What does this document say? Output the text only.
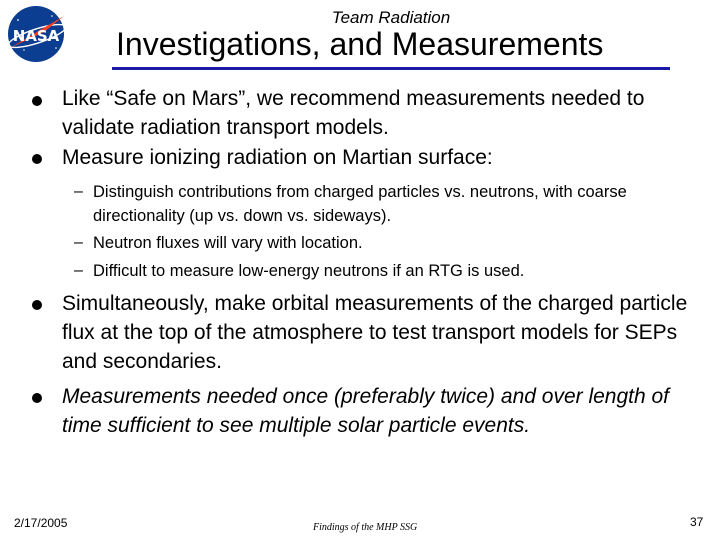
NASA
Team Radiation
Investigations, and Measurements
Like “Safe on Mars”, we recommend measurements needed to validate radiation transport models.
Measure ionizing radiation on Martian surface:
– Distinguish contributions from charged particles vs. neutrons, with coarse directionality (up vs. down vs. sideways).
– Neutron fluxes will vary with location.
– Difficult to measure low-energy neutrons if an RTG is used.
Simultaneously, make orbital measurements of the charged particle flux at the top of the atmosphere to test transport models for SEPs and secondaries.
Measurements needed once (preferably twice) and over length of time sufficient to see multiple solar particle events.
2/17/2005	Findings of the MHP SSG	37
